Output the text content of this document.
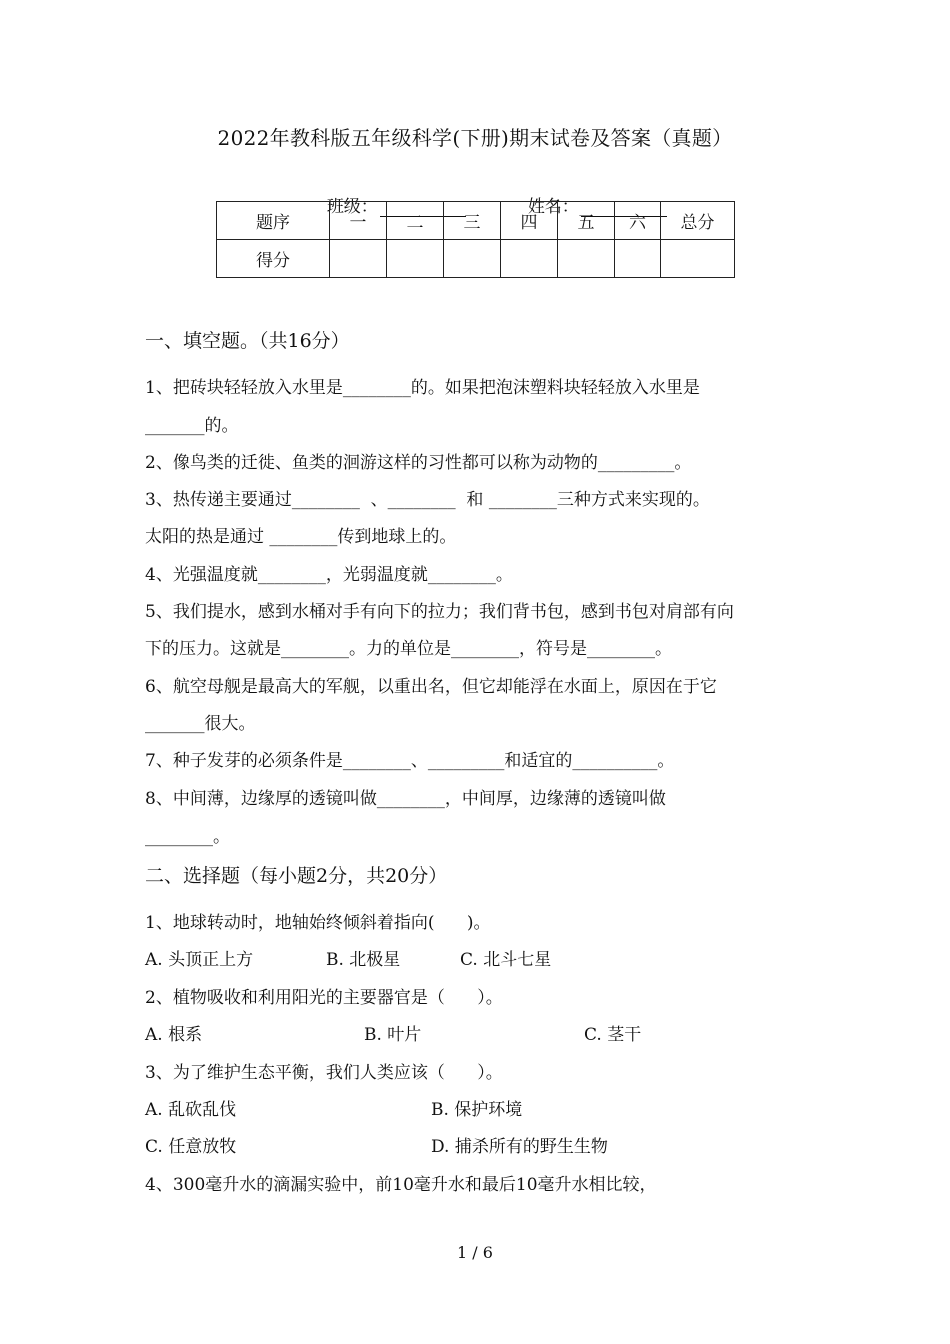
2022年教科版五年级科学(下册)期末试卷及答案（真题）

班级：	姓名：

题序	一	二	三	四	五	六	总分
得分							
一、填空题。（共16分）
1、把砖块轻轻放入水里是________的。如果把泡沫塑料块轻轻放入水里是
_______的。
2、像鸟类的迁徙、鱼类的洄游这样的习性都可以称为动物的_________。
3、热传递主要通过________  、________  和 ________三种方式来实现的。
太阳的热是通过 ________传到地球上的。
4、光强温度就________，光弱温度就________。
5、我们提水，感到水桶对手有向下的拉力；我们背书包，感到书包对肩部有向
下的压力。这就是________。力的单位是________，符号是________。
6、航空母舰是最高大的军舰，以重出名，但它却能浮在水面上，原因在于它
_______很大。
7、种子发芽的必须条件是________、_________和适宜的__________。
8、中间薄，边缘厚的透镜叫做________，中间厚，边缘薄的透镜叫做
________。
二、选择题（每小题2分，共20分）
1、地球转动时，地轴始终倾斜着指向(      )。
A. 头顶正上方	B. 北极星	C. 北斗七星
2、植物吸收和利用阳光的主要器官是（      ）。
A. 根系	B. 叶片	C. 茎干
3、为了维护生态平衡，我们人类应该（      ）。
A. 乱砍乱伐	B. 保护环境
C. 任意放牧	D. 捕杀所有的野生生物
4、300毫升水的滴漏实验中，前10毫升水和最后10毫升水相比较，
1 / 6
